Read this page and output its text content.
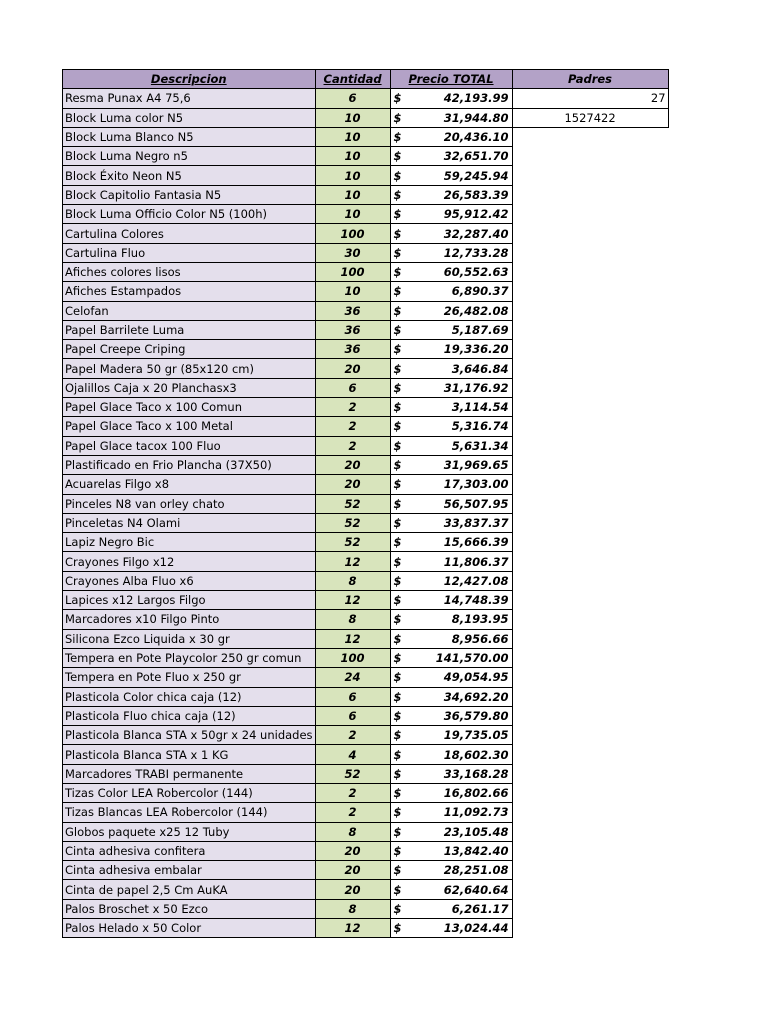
Descripcion	Cantidad	Precio TOTAL	Padres
Resma Punax A4 75,6	6	$ 42,193.99	27
Block Luma color N5	10	$ 31,944.80	1527422
Block Luma Blanco N5	10	$ 20,436.10	

Block Luma Negro n5	10	$ 32,651.70	

Block Éxito Neon N5	10	$ 59,245.94	

Block Capitolio Fantasia N5	10	$ 26,583.39	

Block Luma Officio Color N5 (100h)	10	$ 95,912.42	

Cartulina Colores	100	$ 32,287.40	

Cartulina Fluo	30	$ 12,733.28	

Afiches colores lisos	100	$ 60,552.63	

Afiches Estampados	10	$ 6,890.37	

Celofan	36	$ 26,482.08	

Papel Barrilete Luma	36	$ 5,187.69	

Papel Creepe Criping	36	$ 19,336.20	

Papel Madera 50 gr (85x120 cm)	20	$ 3,646.84	

Ojalillos Caja x 20 Planchasx3	6	$ 31,176.92	

Papel Glace Taco x 100 Comun	2	$ 3,114.54	

Papel Glace Taco x 100 Metal	2	$ 5,316.74	

Papel Glace tacox 100 Fluo	2	$ 5,631.34	

Plastificado en Frio Plancha (37X50)	20	$ 31,969.65	

Acuarelas Filgo x8	20	$ 17,303.00	

Pinceles N8 van orley chato	52	$ 56,507.95	

Pinceletas N4 Olami	52	$ 33,837.37	

Lapiz Negro Bic	52	$ 15,666.39	

Crayones Filgo x12	12	$ 11,806.37	

Crayones Alba Fluo x6	8	$ 12,427.08	

Lapices x12 Largos Filgo	12	$ 14,748.39	

Marcadores x10 Filgo Pinto	8	$ 8,193.95	

Silicona Ezco Liquida x 30 gr	12	$ 8,956.66	

Tempera en Pote Playcolor 250 gr comun	100	$ 141,570.00	

Tempera en Pote Fluo x 250 gr	24	$ 49,054.95	

Plasticola Color chica caja (12)	6	$ 34,692.20	

Plasticola Fluo chica caja (12)	6	$ 36,579.80	

Plasticola Blanca STA x 50gr x 24 unidades	2	$ 19,735.05	

Plasticola Blanca STA x 1 KG	4	$ 18,602.30	

Marcadores TRABI permanente	52	$ 33,168.28	

Tizas Color LEA Robercolor (144)	2	$ 16,802.66	

Tizas Blancas LEA Robercolor (144)	2	$ 11,092.73	

Globos paquete x25 12 Tuby	8	$ 23,105.48	

Cinta adhesiva confitera	20	$ 13,842.40	

Cinta adhesiva embalar	20	$ 28,251.08	

Cinta de papel 2,5 Cm AuKA	20	$ 62,640.64	

Palos Broschet x 50 Ezco	8	$ 6,261.17	

Palos Helado x 50 Color	12	$ 13,024.44	
